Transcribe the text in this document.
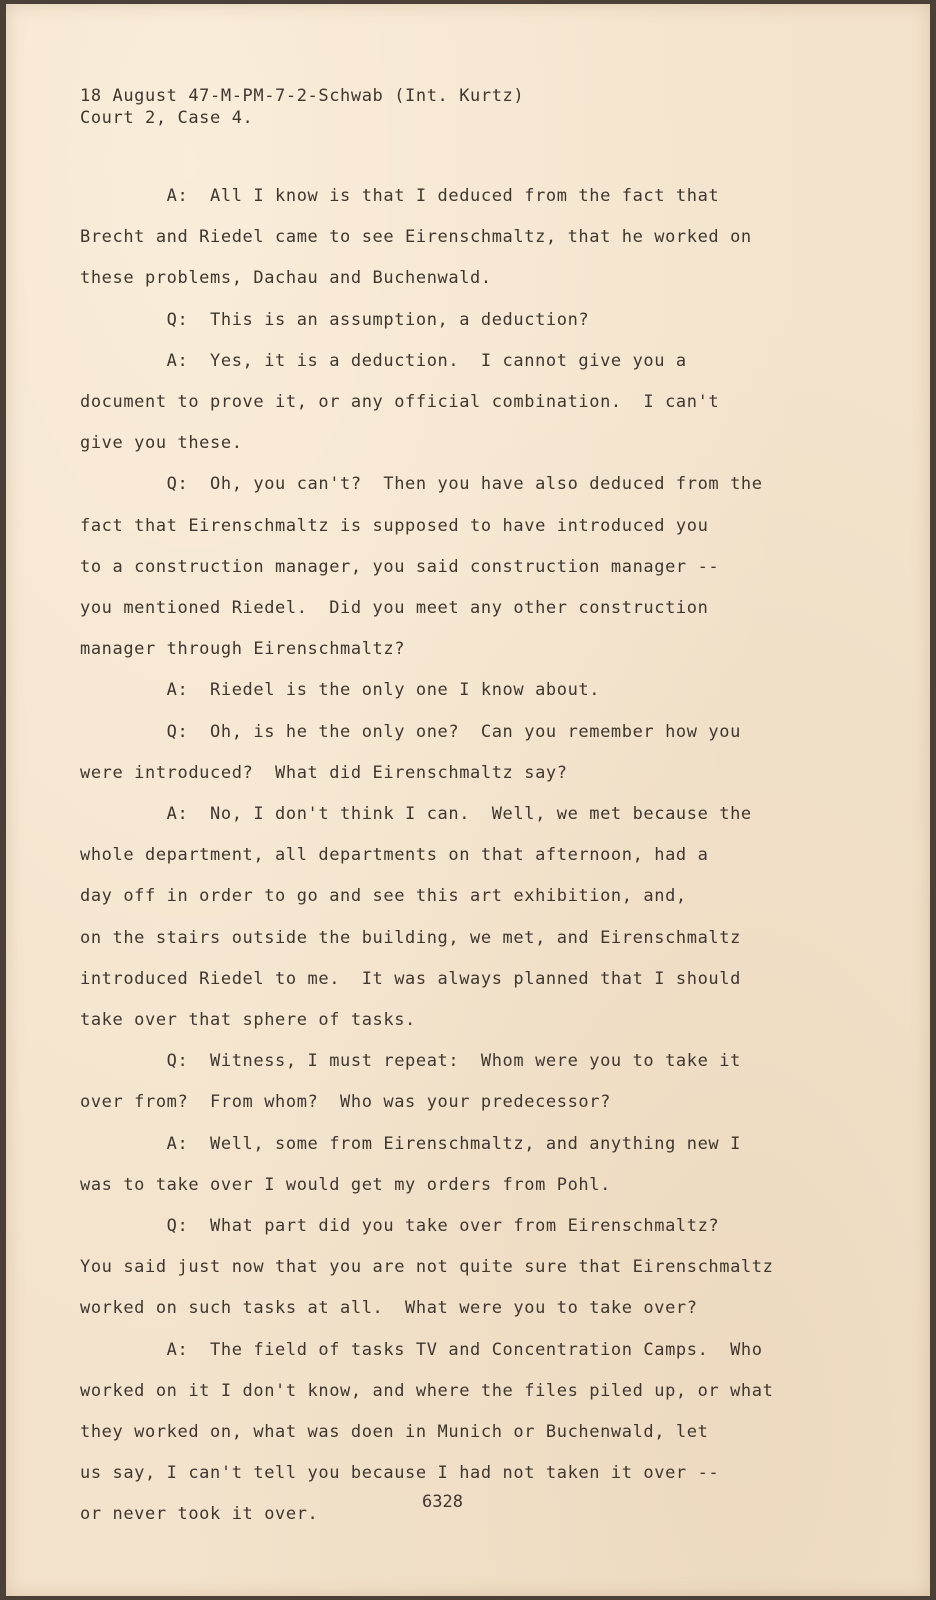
18 August 47-M-PM-7-2-Schwab (Int. Kurtz)
Court 2, Case 4.
A:  All I know is that I deduced from the fact that
Brecht and Riedel came to see Eirenschmaltz, that he worked on
these problems, Dachau and Buchenwald.
Q:  This is an assumption, a deduction?
A:  Yes, it is a deduction.  I cannot give you a
document to prove it, or any official combination.  I can't
give you these.
Q:  Oh, you can't?  Then you have also deduced from the
fact that Eirenschmaltz is supposed to have introduced you
to a construction manager, you said construction manager --
you mentioned Riedel.  Did you meet any other construction
manager through Eirenschmaltz?
A:  Riedel is the only one I know about.
Q:  Oh, is he the only one?  Can you remember how you
were introduced?  What did Eirenschmaltz say?
A:  No, I don't think I can.  Well, we met because the
whole department, all departments on that afternoon, had a
day off in order to go and see this art exhibition, and,
on the stairs outside the building, we met, and Eirenschmaltz
introduced Riedel to me.  It was always planned that I should
take over that sphere of tasks.
Q:  Witness, I must repeat:  Whom were you to take it
over from?  From whom?  Who was your predecessor?
A:  Well, some from Eirenschmaltz, and anything new I
was to take over I would get my orders from Pohl.
Q:  What part did you take over from Eirenschmaltz?
You said just now that you are not quite sure that Eirenschmaltz
worked on such tasks at all.  What were you to take over?
A:  The field of tasks TV and Concentration Camps.  Who
worked on it I don't know, and where the files piled up, or what
they worked on, what was doen in Munich or Buchenwald, let
us say, I can't tell you because I had not taken it over --
or never took it over.
6328
